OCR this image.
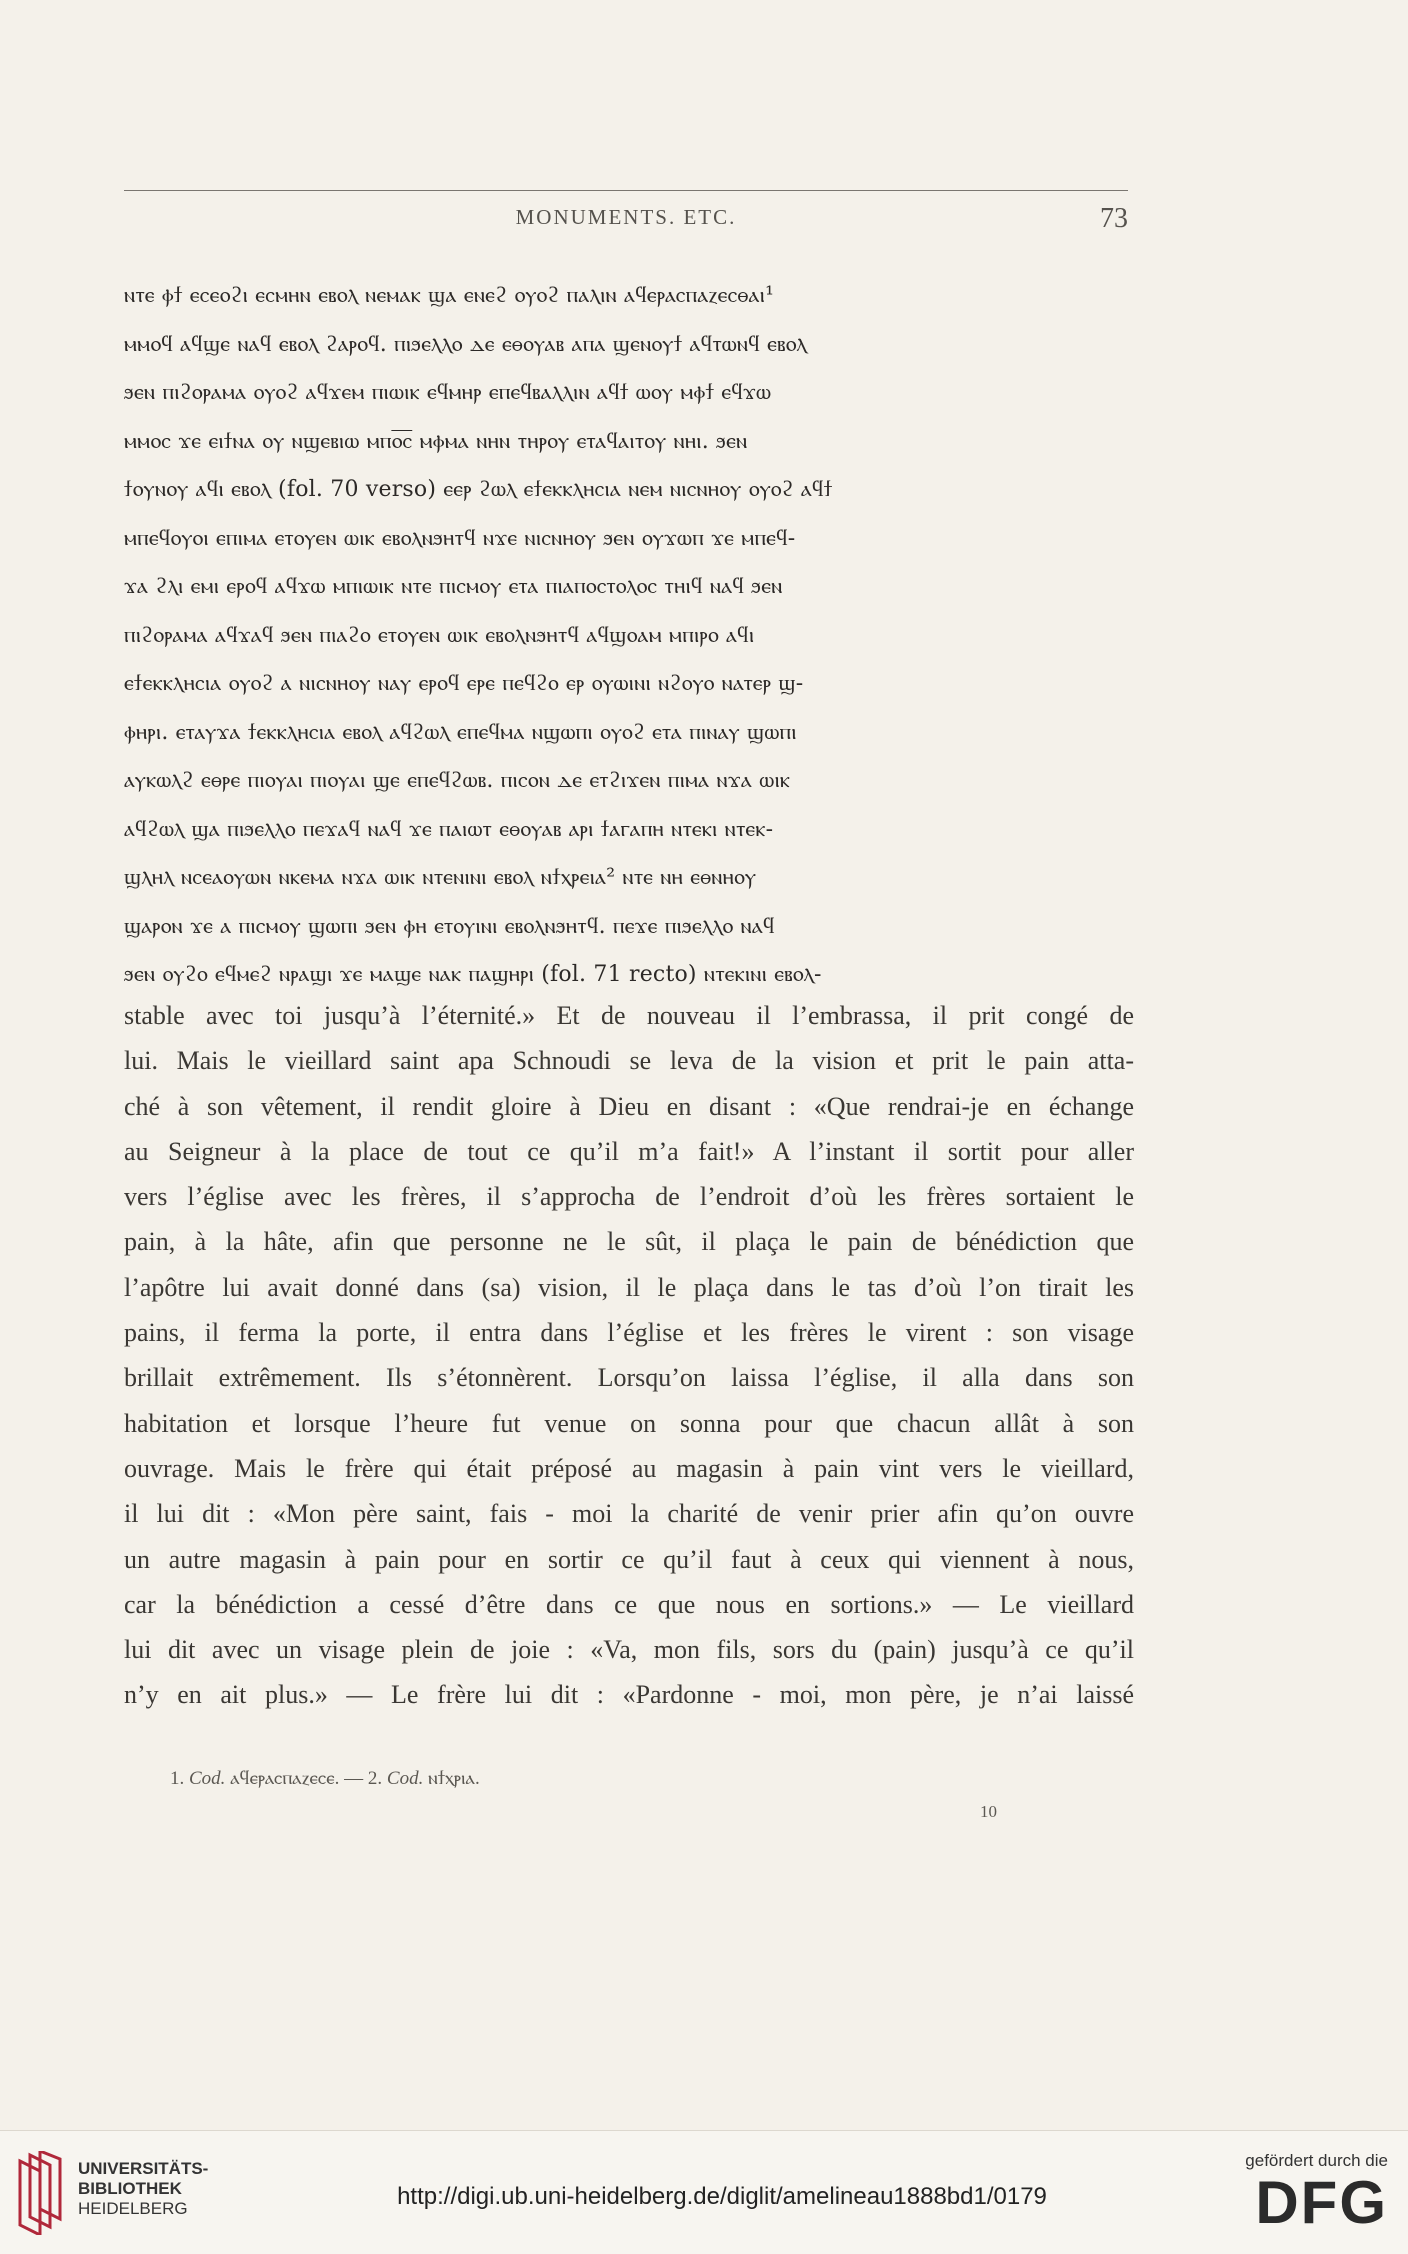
MONUMENTS. ETC.	73
ⲛⲧⲉ ⲫϯ ⲉⲥⲉⲟϩⲓ ⲉⲥⲙⲏⲛ ⲉⲃⲟⲗ ⲛⲉⲙⲁⲕ ϣⲁ ⲉⲛⲉϩ ⲟⲩⲟϩ ⲡⲁⲗⲓⲛ ⲁϥⲉⲣⲁⲥⲡⲁⲍⲉⲥⲑⲁⲓ¹
ⲙⲙⲟϥ ⲁϥϣⲉ ⲛⲁϥ ⲉⲃⲟⲗ ϩⲁⲣⲟϥ. ⲡⲓϧⲉⲗⲗⲟ ⲇⲉ ⲉⲑⲟⲩⲁⲃ ⲁⲡⲁ ϣⲉⲛⲟⲩϯ ⲁϥⲧⲱⲛϥ ⲉⲃⲟⲗ
ϧⲉⲛ ⲡⲓϩⲟⲣⲁⲙⲁ ⲟⲩⲟϩ ⲁϥϫⲉⲙ ⲡⲓⲱⲓⲕ ⲉϥⲙⲏⲣ ⲉⲡⲉϥⲃⲁⲗⲗⲓⲛ ⲁϥϯ ⲱⲟⲩ ⲙⲫϯ ⲉϥϫⲱ
ⲙⲙⲟⲥ ϫⲉ ⲉⲓϯⲛⲁ ⲟⲩ ⲛϣⲉⲃⲓⲱ ⲙⲡⲟ̅ⲥ̅ ⲙⲫⲙⲁ ⲛⲏⲛ ⲧⲏⲣⲟⲩ ⲉⲧⲁϥⲁⲓⲧⲟⲩ ⲛⲏⲓ. ϧⲉⲛ
ϯⲟⲩⲛⲟⲩ ⲁϥⲓ ⲉⲃⲟⲗ (fol. 70 verso) ⲉⲉⲣ ϩⲱⲗ ⲉϯⲉⲕⲕⲗⲏⲥⲓⲁ ⲛⲉⲙ ⲛⲓⲥⲛⲏⲟⲩ ⲟⲩⲟϩ ⲁϥϯ
ⲙⲡⲉϥⲟⲩⲟⲓ ⲉⲡⲓⲙⲁ ⲉⲧⲟⲩⲉⲛ ⲱⲓⲕ ⲉⲃⲟⲗⲛϧⲏⲧϥ ⲛϫⲉ ⲛⲓⲥⲛⲏⲟⲩ ϧⲉⲛ ⲟⲩϫⲱⲡ ϫⲉ ⲙⲡⲉϥ-
ϫⲁ ϩⲗⲓ ⲉⲙⲓ ⲉⲣⲟϥ ⲁϥϫⲱ ⲙⲡⲓⲱⲓⲕ ⲛⲧⲉ ⲡⲓⲥⲙⲟⲩ ⲉⲧⲁ ⲡⲓⲁⲡⲟⲥⲧⲟⲗⲟⲥ ⲧⲏⲓϥ ⲛⲁϥ ϧⲉⲛ
ⲡⲓϩⲟⲣⲁⲙⲁ ⲁϥϫⲁϥ ϧⲉⲛ ⲡⲓⲁϩⲟ ⲉⲧⲟⲩⲉⲛ ⲱⲓⲕ ⲉⲃⲟⲗⲛϧⲏⲧϥ ⲁϥϣⲟⲁⲙ ⲙⲡⲓⲣⲟ ⲁϥⲓ
ⲉϯⲉⲕⲕⲗⲏⲥⲓⲁ ⲟⲩⲟϩ ⲁ ⲛⲓⲥⲛⲏⲟⲩ ⲛⲁⲩ ⲉⲣⲟϥ ⲉⲣⲉ ⲡⲉϥϩⲟ ⲉⲣ ⲟⲩⲱⲓⲛⲓ ⲛϩⲟⲩⲟ ⲛⲁⲧⲉⲣ ϣ-
ⲫⲏⲣⲓ. ⲉⲧⲁⲩϫⲁ ϯⲉⲕⲕⲗⲏⲥⲓⲁ ⲉⲃⲟⲗ ⲁϥϩⲱⲗ ⲉⲡⲉϥⲙⲁ ⲛϣⲱⲡⲓ ⲟⲩⲟϩ ⲉⲧⲁ ⲡⲓⲛⲁⲩ ϣⲱⲡⲓ
ⲁⲩⲕⲱⲗϩ ⲉⲑⲣⲉ ⲡⲓⲟⲩⲁⲓ ⲡⲓⲟⲩⲁⲓ ϣⲉ ⲉⲡⲉϥϩⲱⲃ. ⲡⲓⲥⲟⲛ ⲇⲉ ⲉⲧϩⲓϫⲉⲛ ⲡⲓⲙⲁ ⲛϫⲁ ⲱⲓⲕ
ⲁϥϩⲱⲗ ϣⲁ ⲡⲓϧⲉⲗⲗⲟ ⲡⲉϫⲁϥ ⲛⲁϥ ϫⲉ ⲡⲁⲓⲱⲧ ⲉⲑⲟⲩⲁⲃ ⲁⲣⲓ ϯⲁⲅⲁⲡⲏ ⲛⲧⲉⲕⲓ ⲛⲧⲉⲕ-
ϣⲗⲏⲗ ⲛⲥⲉⲁⲟⲩⲱⲛ ⲛⲕⲉⲙⲁ ⲛϫⲁ ⲱⲓⲕ ⲛⲧⲉⲛⲓⲛⲓ ⲉⲃⲟⲗ ⲛϯⲭⲣⲉⲓⲁ² ⲛⲧⲉ ⲛⲏ ⲉⲑⲛⲏⲟⲩ
ϣⲁⲣⲟⲛ ϫⲉ ⲁ ⲡⲓⲥⲙⲟⲩ ϣⲱⲡⲓ ϧⲉⲛ ⲫⲏ ⲉⲧⲟⲩⲓⲛⲓ ⲉⲃⲟⲗⲛϧⲏⲧϥ. ⲡⲉϫⲉ ⲡⲓϧⲉⲗⲗⲟ ⲛⲁϥ
ϧⲉⲛ ⲟⲩϩⲟ ⲉϥⲙⲉϩ ⲛⲣⲁϣⲓ ϫⲉ ⲙⲁϣⲉ ⲛⲁⲕ ⲡⲁϣⲏⲣⲓ (fol. 71 recto) ⲛⲧⲉⲕⲓⲛⲓ ⲉⲃⲟⲗ-
stable avec toi jusqu’à l’éternité.» Et de nouveau il l’embrassa, il prit congé de
lui. Mais le vieillard saint apa Schnoudi se leva de la vision et prit le pain atta-
ché à son vêtement, il rendit gloire à Dieu en disant : «Que rendrai-je en échange
au Seigneur à la place de tout ce qu’il m’a fait!» A l’instant il sortit pour aller
vers l’église avec les frères, il s’approcha de l’endroit d’où les frères sortaient le
pain, à la hâte, afin que personne ne le sût, il plaça le pain de bénédiction que
l’apôtre lui avait donné dans (sa) vision, il le plaça dans le tas d’où l’on tirait les
pains, il ferma la porte, il entra dans l’église et les frères le virent : son visage
brillait extrêmement. Ils s’étonnèrent. Lorsqu’on laissa l’église, il alla dans son
habitation et lorsque l’heure fut venue on sonna pour que chacun allât à son
ouvrage. Mais le frère qui était préposé au magasin à pain vint vers le vieillard,
il lui dit : «Mon père saint, fais - moi la charité de venir prier afin qu’on ouvre
un autre magasin à pain pour en sortir ce qu’il faut à ceux qui viennent à nous,
car la bénédiction a cessé d’être dans ce que nous en sortions.» — Le vieillard
lui dit avec un visage plein de joie : «Va, mon fils, sors du (pain) jusqu’à ce qu’il
n’y en ait plus.» — Le frère lui dit : «Pardonne - moi, mon père, je n’ai laissé
1. Cod. ⲁϥⲉⲣⲁⲥⲡⲁⲍⲉⲥⲉ. — 2. Cod. ⲛϯⲭⲣⲓⲁ.
10
UNIVERSITÄTS-
BIBLIOTHEK
HEIDELBERG	http://digi.ub.uni-heidelberg.de/diglit/amelineau1888bd1/0179
gefördert durch die
DFG
